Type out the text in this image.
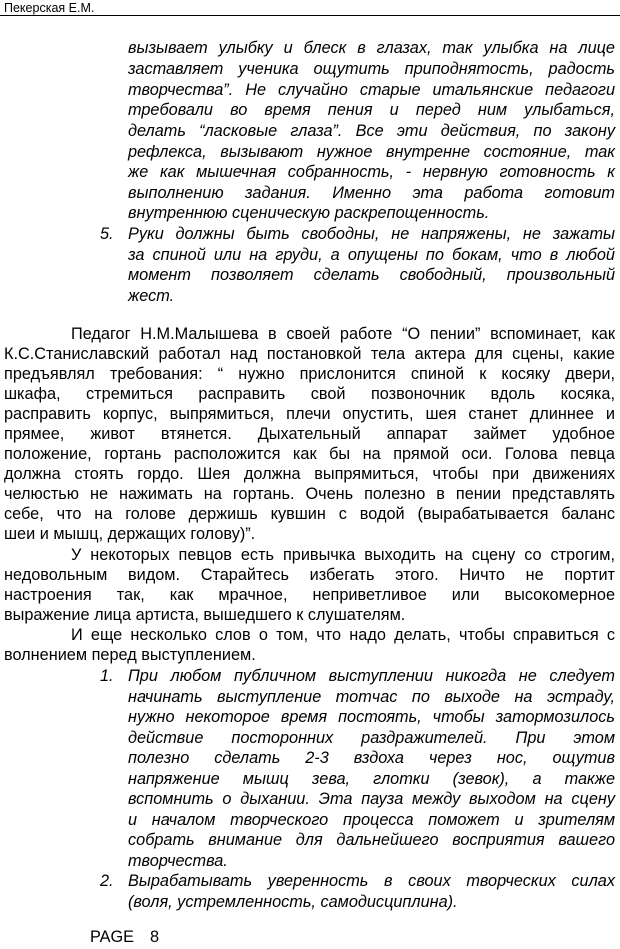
Пекерская Е.М.
вызывает улыбку и блеск в глазах, так улыбка на лице
заставляет ученика ощутить приподнятость, радость
творчества”. Не случайно старые итальянские педагоги
требовали во время пения и перед ним улыбаться,
делать “ласковые глаза”. Все эти действия, по закону
рефлекса, вызывают нужное внутренне состояние, так
же как мышечная собранность, - нервную готовность к
выполнению задания. Именно эта работа готовит
внутреннюю сценическую раскрепощенность.
5. Руки должны быть свободны, не напряжены, не зажаты
за спиной или на груди, а опущены по бокам, что в любой
момент позволяет сделать свободный, произвольный
жест.
Педагог Н.М.Малышева в своей работе “О пении” вспоминает, как
К.С.Станиславский работал над постановкой тела актера для сцены, какие
предъявлял требования: “ нужно прислонится спиной к косяку двери,
шкафа, стремиться расправить свой позвоночник вдоль косяка,
расправить корпус, выпрямиться, плечи опустить, шея станет длиннее и
прямее, живот втянется. Дыхательный аппарат займет удобное
положение, гортань расположится как бы на прямой оси. Голова певца
должна стоять гордо. Шея должна выпрямиться, чтобы при движениях
челюстью не нажимать на гортань. Очень полезно в пении представлять
себе, что на голове держишь кувшин с водой (вырабатывается баланс
шеи и мышц, держащих голову)”.
У некоторых певцов есть привычка выходить на сцену со строгим,
недовольным видом. Старайтесь избегать этого. Ничто не портит
настроения так, как мрачное, неприветливое или высокомерное
выражение лица артиста, вышедшего к слушателям.
И еще несколько слов о том, что надо делать, чтобы справиться с
волнением перед выступлением.
1. При любом публичном выступлении никогда не следует
начинать выступление тотчас по выходе на эстраду,
нужно некоторое время постоять, чтобы затормозилось
действие посторонних раздражителей. При этом
полезно сделать 2-3 вздоха через нос, ощутив
напряжение мышц зева, глотки (зевок), а также
вспомнить о дыхании. Эта пауза между выходом на сцену
и началом творческого процесса поможет и зрителям
собрать внимание для дальнейшего восприятия вашего
творчества.
2. Вырабатывать уверенность в своих творческих силах
(воля, устремленность, самодисциплина).
PAGE 8
